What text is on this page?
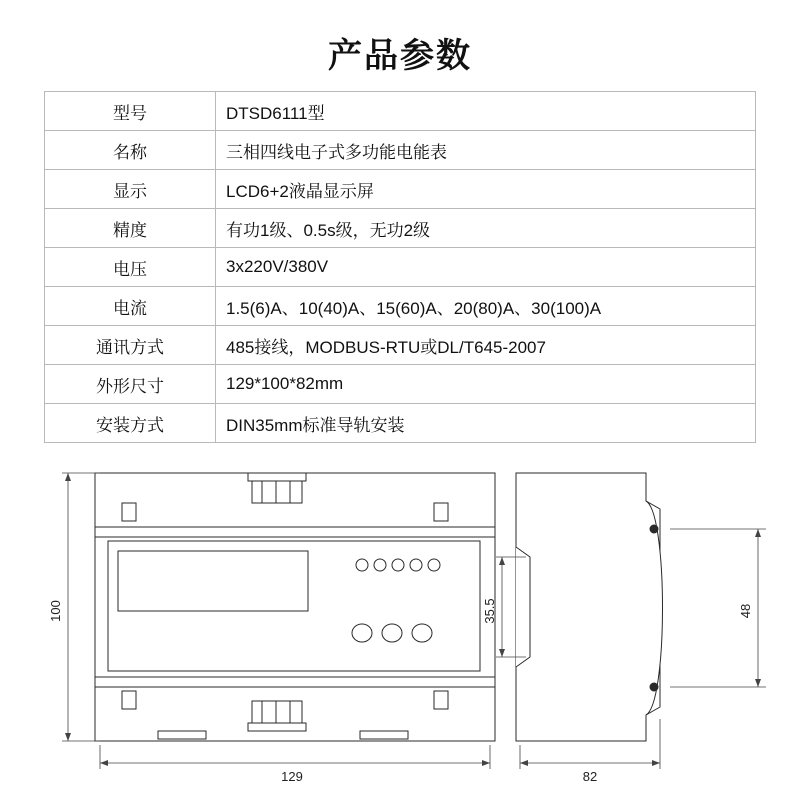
产品参数
型号	DTSD6111型
名称	三相四线电子式多功能电能表
显示	LCD6+2液晶显示屏
精度	有功1级、0.5s级，无功2级
电压	3x220V/380V
电流	1.5(6)A、10(40)A、15(60)A、20(80)A、30(100)A
通讯方式	485接线，MODBUS-RTU或DL/T645-2007
外形尺寸	129*100*82mm
安装方式	DIN35mm标准导轨安装
100
129	82
48
35.5
